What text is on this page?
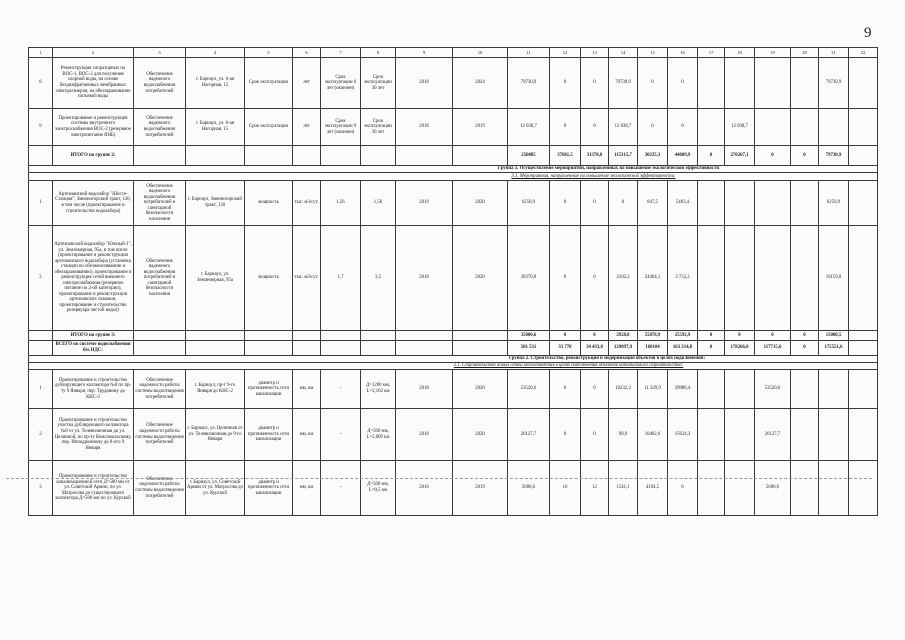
9
1	2	3	4	5	6	7	8	9	10	11	12	13	14	15	16	17	18	19	20	21	22
8	Реконструкция хлораторных на ВОС-1, ВОС-2 для получения хлорной воды, на основе бездиафрагменных мембранных электролизеров, на обеззараживание питьевой воды	Обеспечение надежного водоснабжения потребителей	г. Барнаул, ул. 6-ая Нагорная, 15	Срок эксплуатации	лет	Срок эксплуатации 6 лет (окончен)	Срок эксплуатации 30 лет	2018	2024	79730,9	0	0	79730,9	0	0					79730,9	
9	Проектирование и реконструкция системы внутреннего электроснабжения ВОС-2 (резервное электропитание ВНБ)	Обеспечение надежного водоснабжения потребителей	г. Барнаул, ул. 6-ая Нагорная, 15	Срок эксплуатации	лет	Срок эксплуатации 9 лет (окончен)	Срок эксплуатации 30 лет	2018	2019	12 038,7	0	0	12 038,7	0	0		12 038,7				
	ИТОГО по группе 2:									250085	37681,5	31378,8	115315,7	30235,3	44609,9	0	270267,1	0	0	79730,9	
Группа 3. Осуществление мероприятий, направленных на повышение экологической эффективности																					
3.1. Мероприятия, направленные на повышение экологической эффективности:																					
1	Артезианский водозабор "Шоссе-Станция", Змеиногорский тракт, 120, в том числе (проектирование и строительство водозабора)	Обеспечение надежного водоснабжения потребителей и санитарной безопасности населения	г. Барнаул, Змеиногорский тракт, 120	мощность	тыс. м3/сут.	1,56	1,56	2019	2020	6250,9	0	0	0	847,5	5403,4					6250,9	
2	Артезианский водозабор "Южный-1", ул. Землемерная, 95а, в том числе (проектирование и реконструкция артезианского водозабора (установка станции по обезжелезиванию и обеззараживанию), проектирование и реконструкция сетей внешнего электроснабжения (резервное питание по 2-ой категории), проектирование и реконструкция артезианских скважин, проектирование и строительство резервуара чистой воды))	Обеспечение надежного водоснабжения потребителей и санитарной безопасности населения	г. Барнаул, ул. Землемерная, 95а	мощность	тыс. м3/сут.	1,7	3,5	2018	2020	30370,8	0	0	2102,2	24464,1	3 752,2					10159,8	
	ИТОГО по группе 3:									35000,6	0	0	2928,8	55878,9	25592,9	0	0	0	0	15000,5	
	ВСЕГО по системе водоснабжения без НДС:									501 531	33 778	34 433,8	129097,9	160104	163 214,8	0	178266,8	117715,6	0	175551,6	
Группа 2. Строительство, реконструкция и модернизация объектов в целях подключения:																					
2.1. Строительство новых сетей водоотведения в целях подключения объектов капитального строительства:																					
1	Проектирование и строительство дублирующего коллектора №8 по пр-ту 9 Января, пер. Трудовому до КНС-2	Обеспечение надежности работы системы водоотведения потребителей	г. Барнаул, пр-т 9-го Января до КНС-2	диаметр и протяженность сети канализации	мм, км	-	Д=1200 мм, L=2,162 км	2018	2020	53520,6	0	0	10232,3	11 329,9	39986,4			53520,6			
2	Проектирование и строительство участка дублирующего коллектора №8 от ул. Телевизионная до ул. Целинной, по пр-ту Комсомольскому, пер. Ипподромному до 8-ого 9 Января	Обеспечение надежности работы системы водоотведения потребителей	г. Барнаул, ул. Целинная от ул. Телевизионная до 9-го Января	диаметр и протяженность сети канализации	мм, км	-	Д=500 мм, L=2,009 км	2018	2020	26127,7	0	0	90,9	10402,6	15634,3			26127,7			
3	Проектирование и строительство канализационной сети Д=500 мм от ул. Советской Армии, по ул. Матросова до существующего коллектора Д=500 мм по ул. Курской	Обеспечение надежности работы системы водоотведения потребителей	г. Барнаул, ул. Советской Армии от ул. Матросова до ул. Курской	диаметр и протяженность сети канализации	мм, км	-	Д=500 мм, L=0,5 км	2016	2019	5686,6	16	12	1541,1	4194,5	0			5686,6			
